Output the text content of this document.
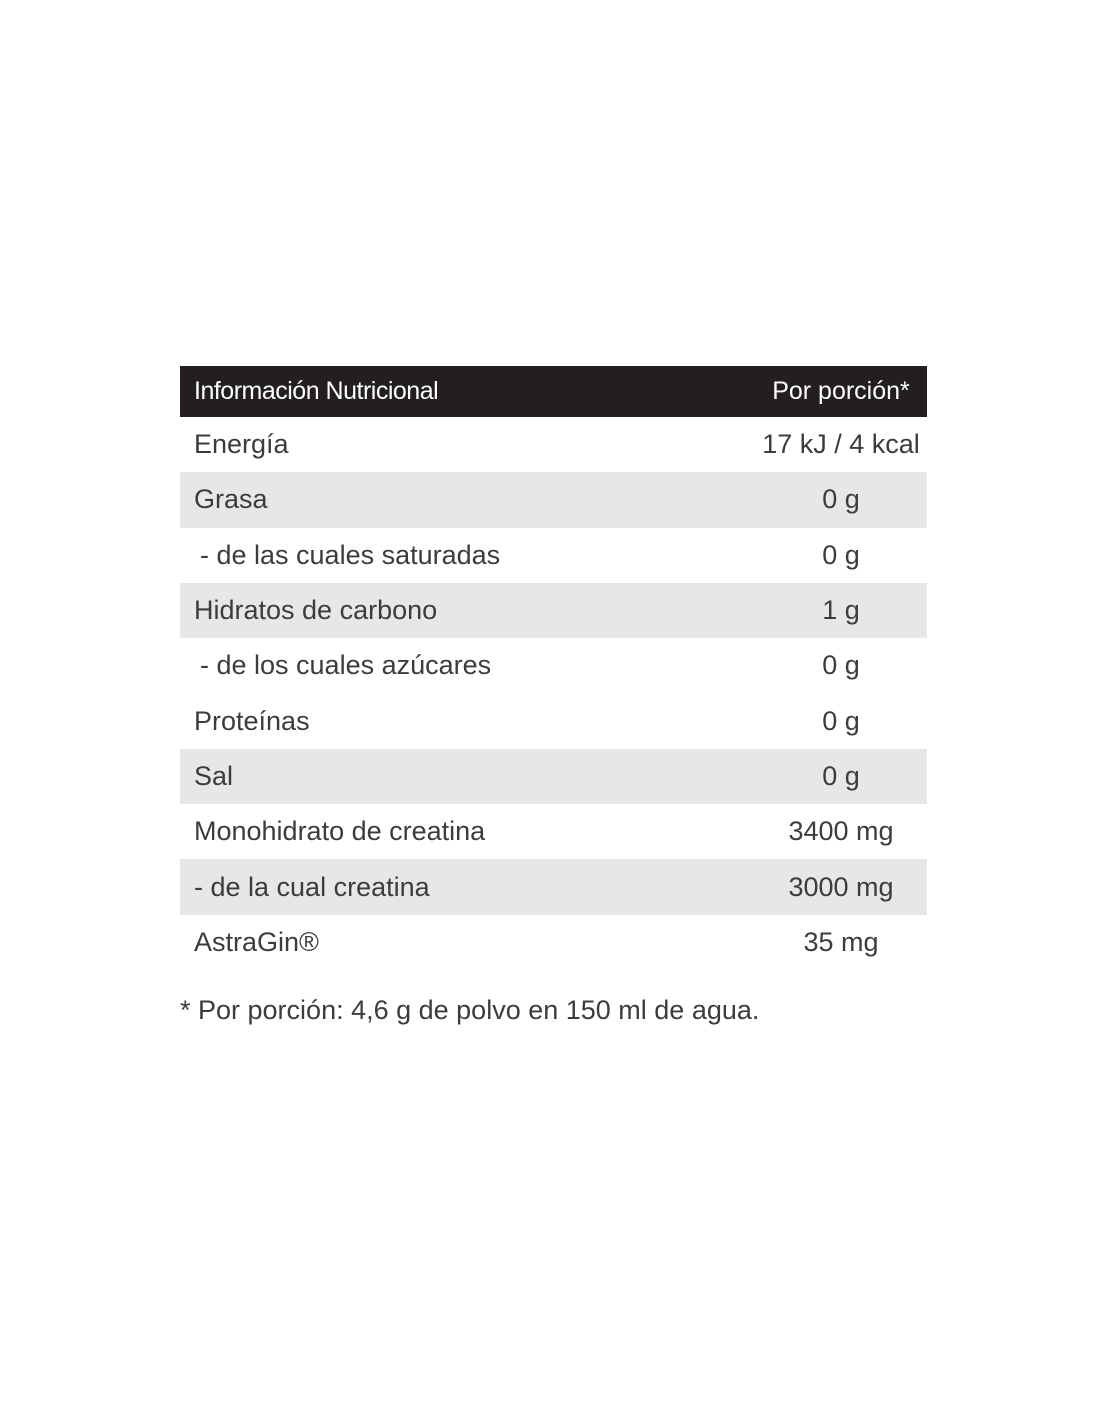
Información Nutricional	Por porción*
Energía	17 kJ / 4 kcal
Grasa	0 g
- de las cuales saturadas	0 g
Hidratos de carbono	1 g
- de los cuales azúcares	0 g
Proteínas	0 g
Sal	0 g
Monohidrato de creatina	3400 mg
- de la cual creatina	3000 mg
AstraGin®	35 mg
* Por porción: 4,6 g de polvo en 150 ml de agua.
